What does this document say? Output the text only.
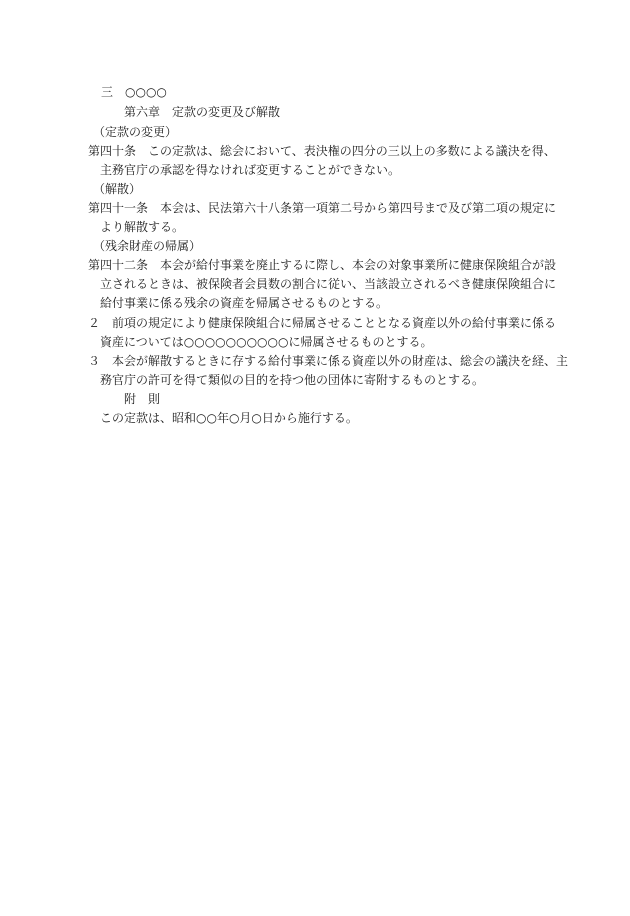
三　○○○○
第六章　定款の変更及び解散
（定款の変更）
第四十条　この定款は、総会において、表決権の四分の三以上の多数による議決を得、
主務官庁の承認を得なければ変更することができない。
（解散）
第四十一条　本会は、民法第六十八条第一項第二号から第四号まで及び第二項の規定に
より解散する。
（残余財産の帰属）
第四十二条　本会が給付事業を廃止するに際し、本会の対象事業所に健康保険組合が設
立されるときは、被保険者会員数の割合に従い、当該設立されるべき健康保険組合に
給付事業に係る残余の資産を帰属させるものとする。
２　前項の規定により健康保険組合に帰属させることとなる資産以外の給付事業に係る
資産については○○○○○○○○○○に帰属させるものとする。
３　本会が解散するときに存する給付事業に係る資産以外の財産は、総会の議決を経、主
務官庁の許可を得て類似の目的を持つ他の団体に寄附するものとする。
附　則
この定款は、昭和○○年○月○日から施行する。
